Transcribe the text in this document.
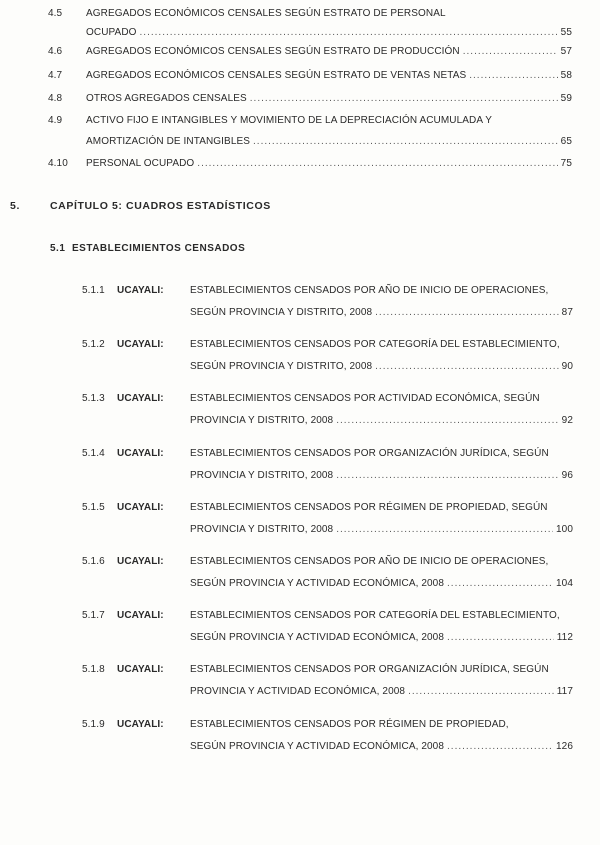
4.5 AGREGADOS ECONÓMICOS CENSALES SEGÚN ESTRATO DE PERSONAL
OCUPADO .....	55
4.6 AGREGADOS ECONÓMICOS CENSALES SEGÚN ESTRATO DE PRODUCCIÓN .....	57
4.7 AGREGADOS ECONÓMICOS CENSALES SEGÚN ESTRATO DE VENTAS NETAS .....	58
4.8 OTROS AGREGADOS CENSALES .....	59
4.9 ACTIVO FIJO E INTANGIBLES Y MOVIMIENTO DE LA DEPRECIACIÓN ACUMULADA Y
AMORTIZACIÓN DE INTANGIBLES .....	65
4.10 PERSONAL OCUPADO .....	75
5.	CAPÍTULO 5: CUADROS ESTADÍSTICOS
5.1 ESTABLECIMIENTOS CENSADOS
5.1.1 UCAYALI:	ESTABLECIMIENTOS CENSADOS POR AÑO DE INICIO DE OPERACIONES,
SEGÚN PROVINCIA Y DISTRITO, 2008 .....	87
5.1.2 UCAYALI:	ESTABLECIMIENTOS CENSADOS POR CATEGORÍA DEL ESTABLECIMIENTO,
SEGÚN PROVINCIA Y DISTRITO, 2008 .....	90
5.1.3 UCAYALI:	ESTABLECIMIENTOS CENSADOS POR ACTIVIDAD ECONÓMICA, SEGÚN
PROVINCIA Y DISTRITO, 2008 .....	92
5.1.4 UCAYALI:	ESTABLECIMIENTOS CENSADOS POR ORGANIZACIÓN JURÍDICA, SEGÚN
PROVINCIA Y DISTRITO, 2008 .....	96
5.1.5 UCAYALI:	ESTABLECIMIENTOS CENSADOS POR RÉGIMEN DE PROPIEDAD, SEGÚN
PROVINCIA Y DISTRITO, 2008 .....	100
5.1.6 UCAYALI:	ESTABLECIMIENTOS CENSADOS POR AÑO DE INICIO DE OPERACIONES,
SEGÚN PROVINCIA Y ACTIVIDAD ECONÓMICA, 2008 .....	104
5.1.7 UCAYALI:	ESTABLECIMIENTOS CENSADOS POR CATEGORÍA DEL ESTABLECIMIENTO,
SEGÚN PROVINCIA Y ACTIVIDAD ECONÓMICA, 2008 .....	112
5.1.8 UCAYALI:	ESTABLECIMIENTOS CENSADOS POR ORGANIZACIÓN JURÍDICA, SEGÚN
PROVINCIA Y ACTIVIDAD ECONÓMICA, 2008 .....	117
5.1.9 UCAYALI:	ESTABLECIMIENTOS CENSADOS POR RÉGIMEN DE PROPIEDAD,
SEGÚN PROVINCIA Y ACTIVIDAD ECONÓMICA, 2008 .....	126
